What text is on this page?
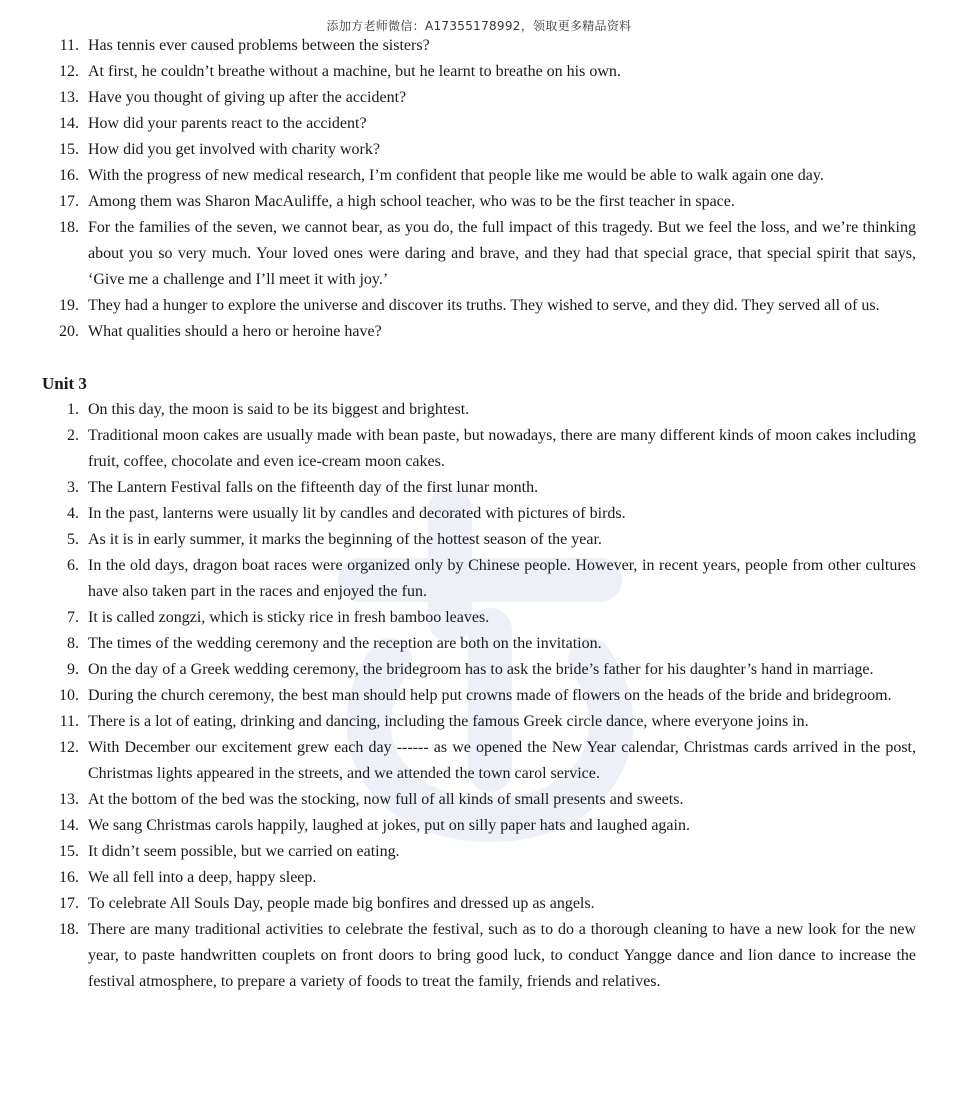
添加方老师微信：A17355178992，领取更多精品资料
11. Has tennis ever caused problems between the sisters?
12. At first, he couldn’t breathe without a machine, but he learnt to breathe on his own.
13. Have you thought of giving up after the accident?
14. How did your parents react to the accident?
15. How did you get involved with charity work?
16. With the progress of new medical research, I’m confident that people like me would be able to walk again one day.
17. Among them was Sharon MacAuliffe, a high school teacher, who was to be the first teacher in space.
18. For the families of the seven, we cannot bear, as you do, the full impact of this tragedy. But we feel the loss, and we’re thinking about you so very much. Your loved ones were daring and brave, and they had that special grace, that special spirit that says, ‘Give me a challenge and I’ll meet it with joy.’
19. They had a hunger to explore the universe and discover its truths. They wished to serve, and they did. They served all of us.
20. What qualities should a hero or heroine have?
Unit 3
1. On this day, the moon is said to be its biggest and brightest.
2. Traditional moon cakes are usually made with bean paste, but nowadays, there are many different kinds of moon cakes including fruit, coffee, chocolate and even ice-cream moon cakes.
3. The Lantern Festival falls on the fifteenth day of the first lunar month.
4. In the past, lanterns were usually lit by candles and decorated with pictures of birds.
5. As it is in early summer, it marks the beginning of the hottest season of the year.
6. In the old days, dragon boat races were organized only by Chinese people. However, in recent years, people from other cultures have also taken part in the races and enjoyed the fun.
7. It is called zongzi, which is sticky rice in fresh bamboo leaves.
8. The times of the wedding ceremony and the reception are both on the invitation.
9. On the day of a Greek wedding ceremony, the bridegroom has to ask the bride’s father for his daughter’s hand in marriage.
10. During the church ceremony, the best man should help put crowns made of flowers on the heads of the bride and bridegroom.
11. There is a lot of eating, drinking and dancing, including the famous Greek circle dance, where everyone joins in.
12. With December our excitement grew each day ------ as we opened the New Year calendar, Christmas cards arrived in the post, Christmas lights appeared in the streets, and we attended the town carol service.
13. At the bottom of the bed was the stocking, now full of all kinds of small presents and sweets.
14. We sang Christmas carols happily, laughed at jokes, put on silly paper hats and laughed again.
15. It didn’t seem possible, but we carried on eating.
16. We all fell into a deep, happy sleep.
17. To celebrate All Souls Day, people made big bonfires and dressed up as angels.
18. There are many traditional activities to celebrate the festival, such as to do a thorough cleaning to have a new look for the new year, to paste handwritten couplets on front doors to bring good luck, to conduct Yangge dance and lion dance to increase the festival atmosphere, to prepare a variety of foods to treat the family, friends and relatives.
